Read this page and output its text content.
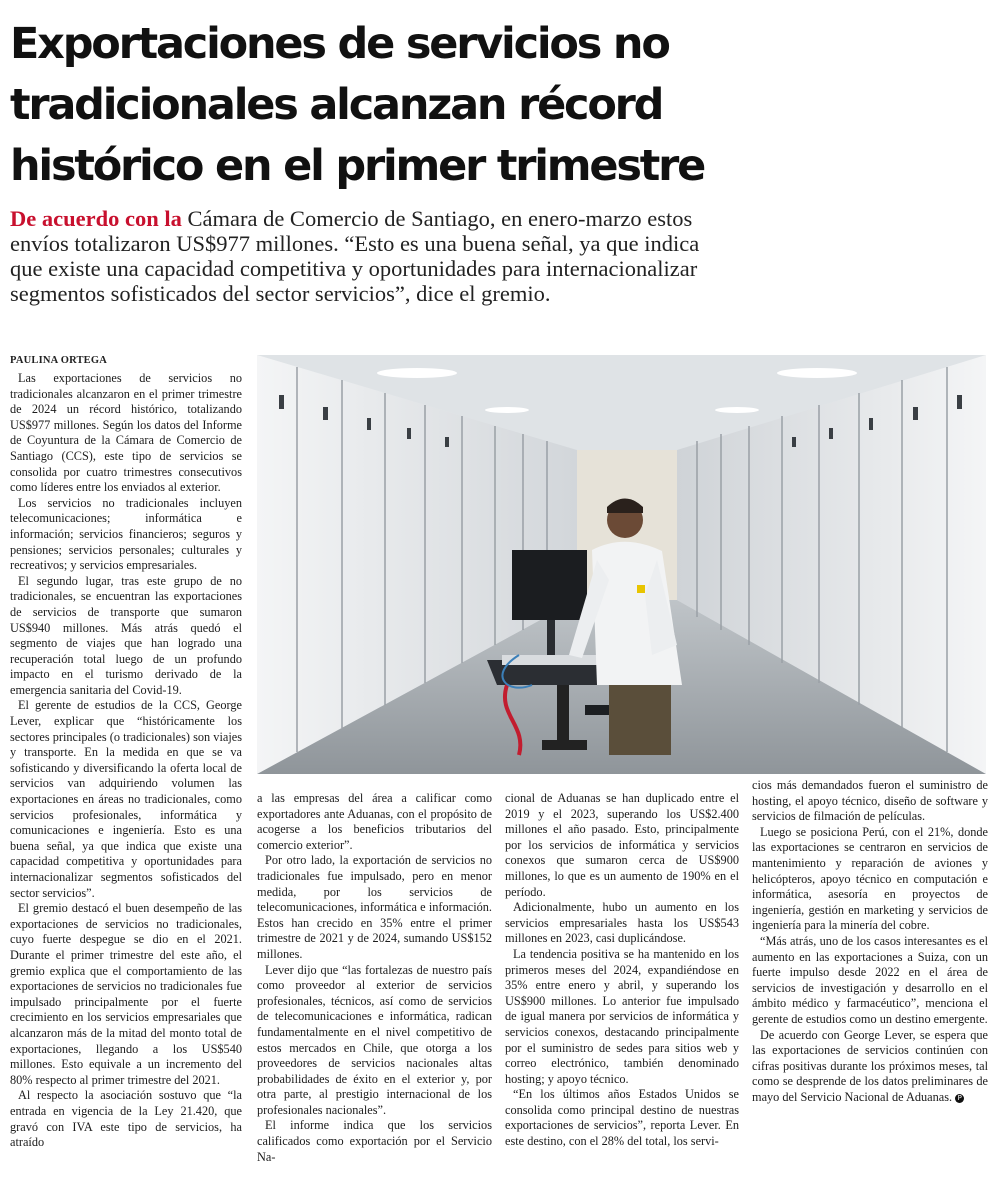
Exportaciones de servicios no
tradicionales alcanzan récord
histórico en el primer trimestre
De acuerdo con la Cámara de Comercio de Santiago, en enero-marzo estos
envíos totalizaron US$977 millones. “Esto es una buena señal, ya que indica
que existe una capacidad competitiva y oportunidades para internacionalizar
segmentos sofisticados del sector servicios”, dice el gremio.
PAULINA ORTEGA

Las exportaciones de servicios no tradicionales alcanzaron en el primer trimestre de 2024 un récord histórico, totalizando US$977 millones. Según los datos del Informe de Coyuntura de la Cámara de Comercio de Santiago (CCS), este tipo de servicios se consolida por cuatro trimestres consecutivos como líderes entre los enviados al exterior.

Los servicios no tradicionales incluyen telecomunicaciones; informática e información; servicios financieros; seguros y pensiones; servicios personales; culturales y recreativos; y servicios empresariales.

El segundo lugar, tras este grupo de no tradicionales, se encuentran las exportaciones de servicios de transporte que sumaron US$940 millones. Más atrás quedó el segmento de viajes que han logrado una recuperación total luego de un profundo impacto en el turismo derivado de la emergencia sanitaria del Covid-19.

El gerente de estudios de la CCS, George Lever, explicar que “históricamente los sectores principales (o tradicionales) son viajes y transporte. En la medida en que se va sofisticando y diversificando la oferta local de servicios van adquiriendo volumen las exportaciones en áreas no tradicionales, como servicios profesionales, informática y comunicaciones e ingeniería. Esto es una buena señal, ya que indica que existe una capacidad competitiva y oportunidades para internacionalizar segmentos sofisticados del sector servicios”.

El gremio destacó el buen desempeño de las exportaciones de servicios no tradicionales, cuyo fuerte despegue se dio en el 2021. Durante el primer trimestre del este año, el gremio explica que el comportamiento de las exportaciones de servicios no tradicionales fue impulsado principalmente por el fuerte crecimiento en los servicios empresariales que alcanzaron más de la mitad del monto total de exportaciones, llegando a los US$540 millones. Esto equivale a un incremento del 80% respecto al primer trimestre del 2021.

Al respecto la asociación sostuvo que “la entrada en vigencia de la Ley 21.420, que gravó con IVA este tipo de servicios, ha atraído

a las empresas del área a calificar como exportadores ante Aduanas, con el propósito de acogerse a los beneficios tributarios del comercio exterior”.

Por otro lado, la exportación de servicios no tradicionales fue impulsado, pero en menor medida, por los servicios de telecomunicaciones, informática e información. Estos han crecido en 35% entre el primer trimestre de 2021 y de 2024, sumando US$152 millones.

Lever dijo que “las fortalezas de nuestro país como proveedor al exterior de servicios profesionales, técnicos, así como de servicios de telecomunicaciones e informática, radican fundamentalmente en el nivel competitivo de estos mercados en Chile, que otorga a los proveedores de servicios nacionales altas probabilidades de éxito en el exterior y, por otra parte, al prestigio internacional de los profesionales nacionales”.

El informe indica que los servicios calificados como exportación por el Servicio Na-

cional de Aduanas se han duplicado entre el 2019 y el 2023, superando los US$2.400 millones el año pasado. Esto, principalmente por los servicios de informática y servicios conexos que sumaron cerca de US$900 millones, lo que es un aumento de 190% en el período.

Adicionalmente, hubo un aumento en los servicios empresariales hasta los US$543 millones en 2023, casi duplicándose.

La tendencia positiva se ha mantenido en los primeros meses del 2024, expandiéndose en 35% entre enero y abril, y superando los US$900 millones. Lo anterior fue impulsado de igual manera por servicios de informática y servicios conexos, destacando principalmente por el suministro de sedes para sitios web y correo electrónico, también denominado hosting; y apoyo técnico.

“En los últimos años Estados Unidos se consolida como principal destino de nuestras exportaciones de servicios”, reporta Lever. En este destino, con el 28% del total, los servi-

cios más demandados fueron el suministro de hosting, el apoyo técnico, diseño de software y servicios de filmación de películas.

Luego se posiciona Perú, con el 21%, donde las exportaciones se centraron en servicios de mantenimiento y reparación de aviones y helicópteros, apoyo técnico en computación e informática, asesoría en proyectos de ingeniería, gestión en marketing y servicios de ingeniería para la minería del cobre.

“Más atrás, uno de los casos interesantes es el aumento en las exportaciones a Suiza, con un fuerte impulso desde 2022 en el área de servicios de investigación y desarrollo en el ámbito médico y farmacéutico”, menciona el gerente de estudios como un destino emergente.

De acuerdo con George Lever, se espera que las exportaciones de servicios continúen con cifras positivas durante los próximos meses, tal como se desprende de los datos preliminares de mayo del Servicio Nacional de Aduanas. P
